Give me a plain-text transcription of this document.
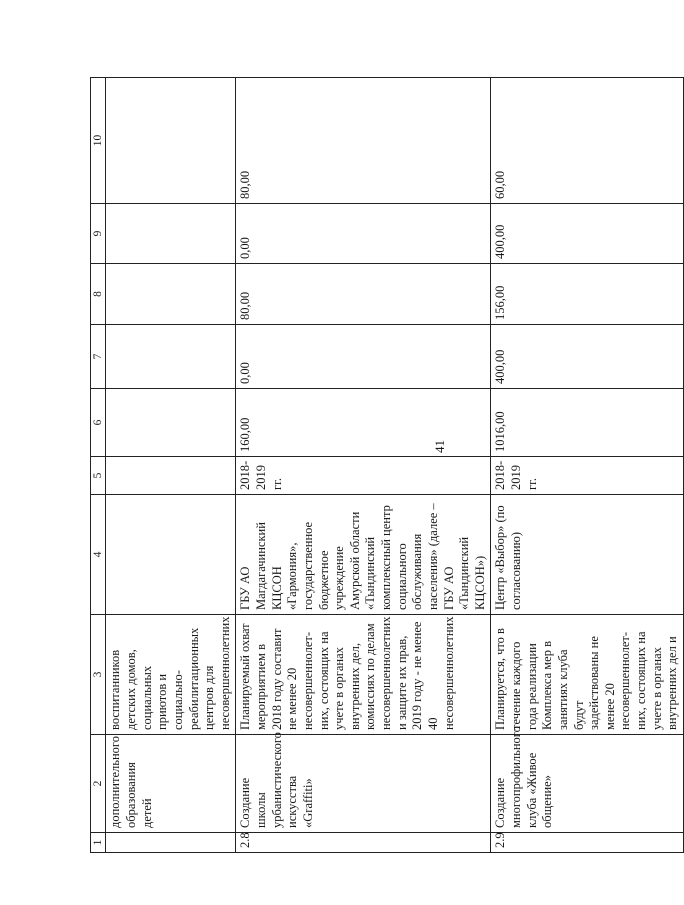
41
1	2	3	4	5	6	7	8	9	10
	дополнительного образования детей	воспитанников детских домов, социальных приютов и социально-реабилитационных центров для несовершеннолетних							
2.8	Создание школы урбанистического искусства «Graffiti»	Планируемый охват мероприятием в 2018 году составит не менее 20 несовершеннолет-них, состоящих на учете в органах внутренних дел, комиссиях по делам несовершеннолетних и защите их прав, 2019 году - не менее 40 несовершеннолетних	ГБУ АО Магдагачинский КЦСОН «Гармония», государственное бюджетное учреждение Амурской области «Тындинский комплексный центр социального обслуживания населения» (далее – ГБУ АО «Тындинский КЦСОН»)	2018-2019 гг.	160,00	0,00	80,00	0,00	80,00
2.9	Создание многопрофильного клуба «Живое общение»	Планируется, что в течение каждого года реализации Комплекса мер в занятиях клуба будут задействованы не менее 20 несовершеннолет-них, состоящих на учете в органах внутренних дел и	Центр «Выбор» (по согласованию)	2018-2019 гг.	1016,00	400,00	156,00	400,00	60,00
